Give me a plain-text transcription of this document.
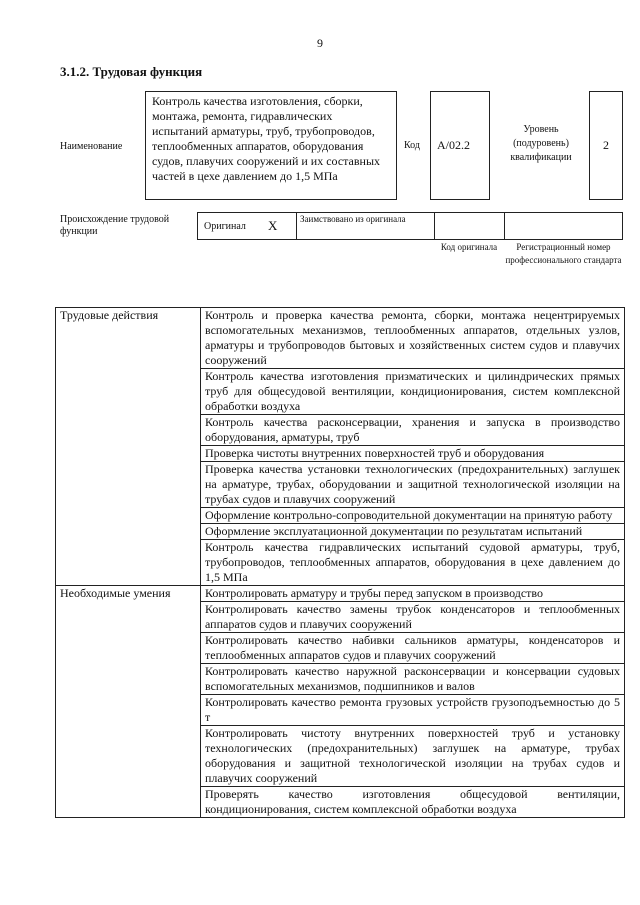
9
3.1.2. Трудовая функция
Наименование
Контроль качества изготовления, сборки, монтажа, ремонта, гидравлических испытаний арматуры, труб, трубопроводов, теплообменных аппаратов, оборудования судов, плавучих сооружений и их составных частей в цехе давлением до 1,5 МПа
Код	А/02.2
Уровень (подуровень) квалификации
2
Происхождение трудовой функции	Оригинал X	Заимствовано из оригинала
Код оригинала	Регистрационный номер профессионального стандарта
Трудовые действия	Контроль и проверка качества ремонта, сборки, монтажа нецентрируемых вспомогательных механизмов, теплообменных аппаратов, отдельных узлов, арматуры и трубопроводов бытовых и хозяйственных систем судов и плавучих сооружений
	Контроль качества изготовления призматических и цилиндрических прямых труб для общесудовой вентиляции, кондиционирования, систем комплексной обработки воздуха
	Контроль качества расконсервации, хранения и запуска в производство оборудования, арматуры, труб
	Проверка чистоты внутренних поверхностей труб и оборудования
	Проверка качества установки технологических (предохранительных) заглушек на арматуре, трубах, оборудовании и защитной технологической изоляции на трубах судов и плавучих сооружений
	Оформление контрольно-сопроводительной документации на принятую работу
	Оформление эксплуатационной документации по результатам испытаний
	Контроль качества гидравлических испытаний судовой арматуры, труб, трубопроводов, теплообменных аппаратов, оборудования в цехе давлением до 1,5 МПа
Необходимые умения	Контролировать арматуру и трубы перед запуском в производство
	Контролировать качество замены трубок конденсаторов и теплообменных аппаратов судов и плавучих сооружений
	Контролировать качество набивки сальников арматуры, конденсаторов и теплообменных аппаратов судов и плавучих сооружений
	Контролировать качество наружной расконсервации и консервации судовых вспомогательных механизмов, подшипников и валов
	Контролировать качество ремонта грузовых устройств грузоподъемностью до 5 т
	Контролировать чистоту внутренних поверхностей труб и установку технологических (предохранительных) заглушек на арматуре, трубах оборудования и защитной технологической изоляции на трубах судов и плавучих сооружений
	Проверять качество изготовления общесудовой вентиляции, кондиционирования, систем комплексной обработки воздуха
